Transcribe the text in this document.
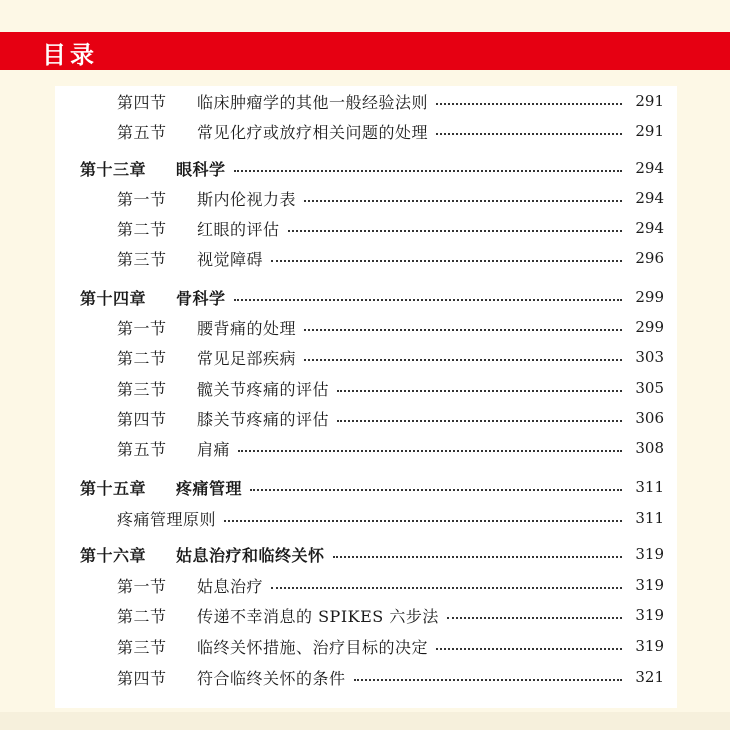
目录
第四节 临床肿瘤学的其他一般经验法则	291
第五节 常见化疗或放疗相关问题的处理	291
第十三章 眼科学	294
第一节 斯内伦视力表	294
第二节 红眼的评估	294
第三节 视觉障碍	296
第十四章 骨科学	299
第一节 腰背痛的处理	299
第二节 常见足部疾病	303
第三节 髋关节疼痛的评估	305
第四节 膝关节疼痛的评估	306
第五节 肩痛	308
第十五章 疼痛管理	311
疼痛管理原则	311
第十六章 姑息治疗和临终关怀	319
第一节 姑息治疗	319
第二节 传递不幸消息的 SPIKES 六步法	319
第三节 临终关怀措施、治疗目标的决定	319
第四节 符合临终关怀的条件	321
